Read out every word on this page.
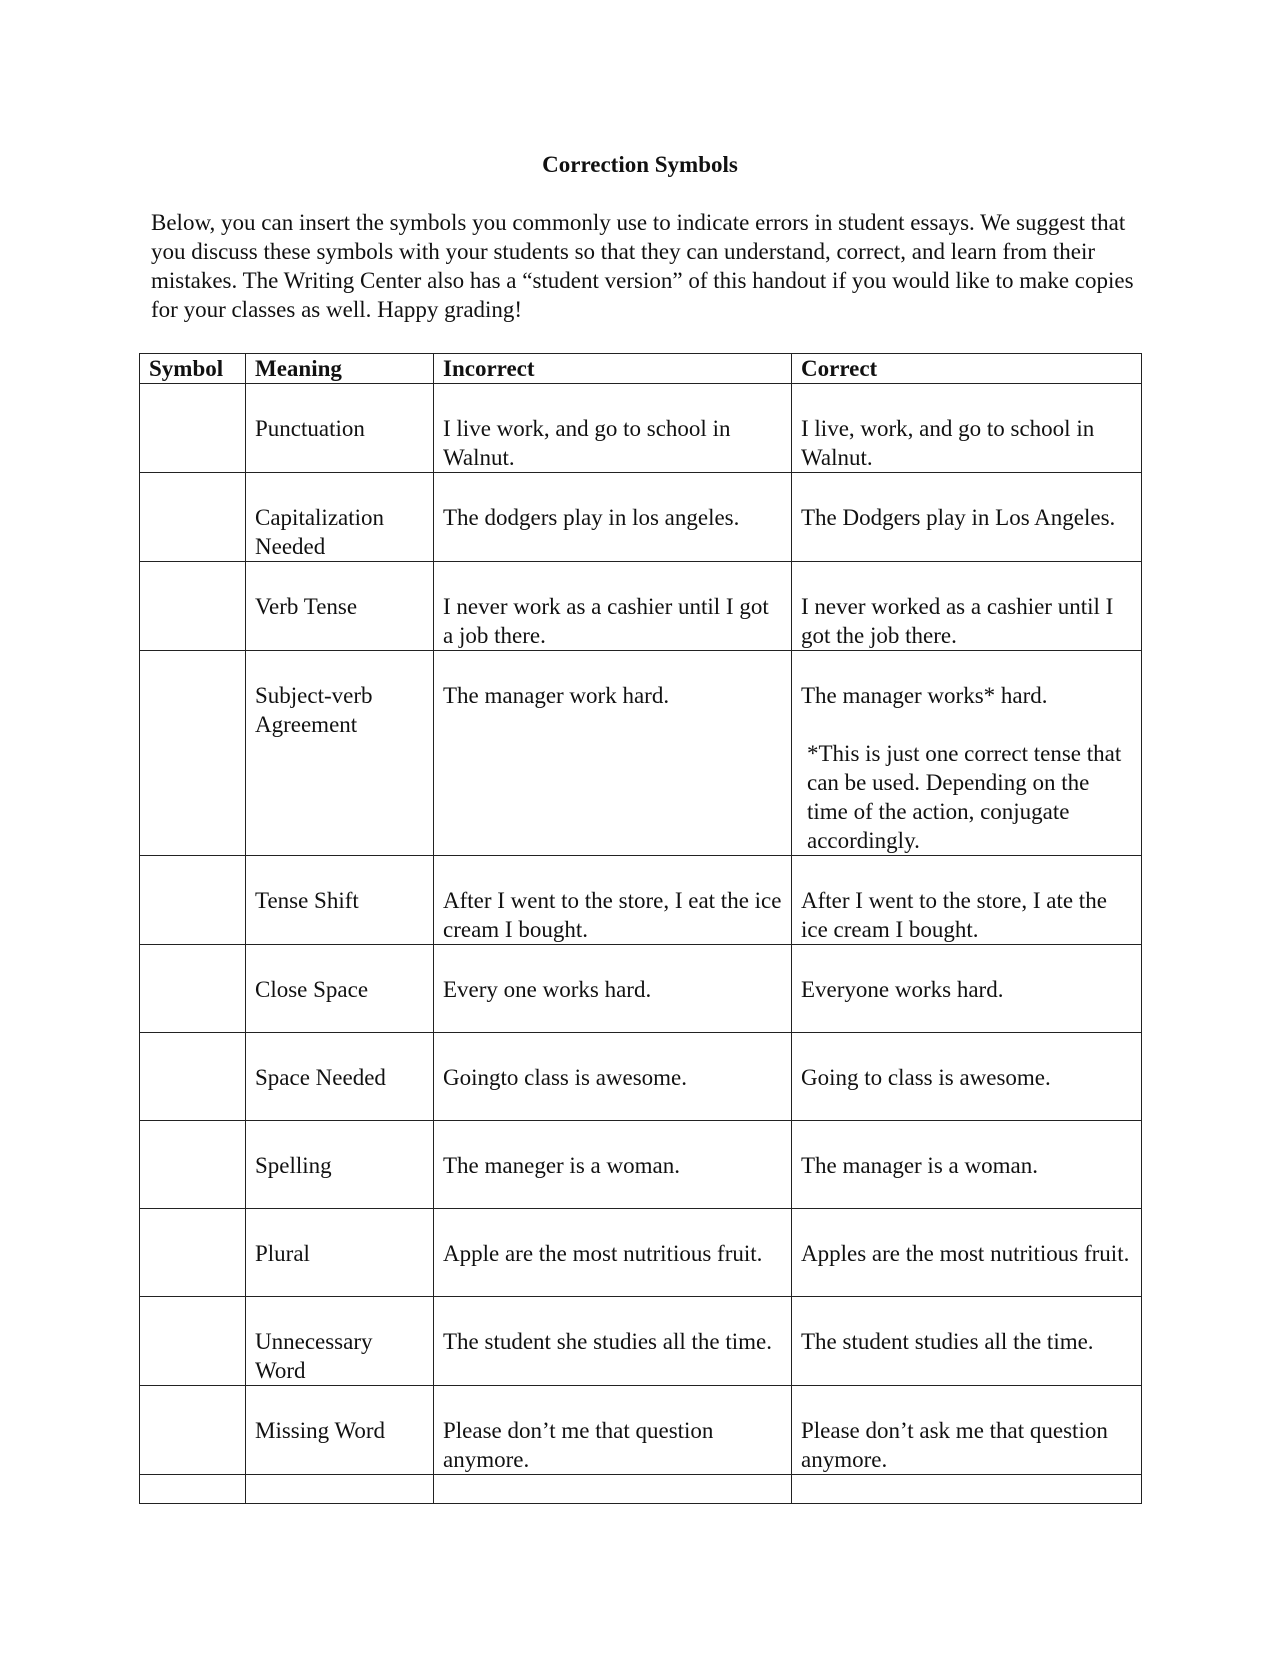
Correction Symbols

Below, you can insert the symbols you commonly use to indicate errors in student essays. We suggest that you discuss these symbols with your students so that they can understand, correct, and learn from their mistakes. The Writing Center also has a “student version” of this handout if you would like to make copies for your classes as well. Happy grading!

Symbol	Meaning	Incorrect	Correct
	Punctuation	I live work, and go to school in Walnut.	I live, work, and go to school in Walnut.
	Capitalization Needed	The dodgers play in los angeles.	The Dodgers play in Los Angeles.
	Verb Tense	I never work as a cashier until I got a job there.	I never worked as a cashier until I got the job there.
	Subject-verb Agreement	The manager work hard.	The manager works* hard.
*This is just one correct tense that can be used. Depending on the time of the action, conjugate accordingly.

	Tense Shift	After I went to the store, I eat the ice cream I bought.	After I went to the store, I ate the ice cream I bought.
	Close Space	Every one works hard.	Everyone works hard.
	Space Needed	Goingto class is awesome.	Going to class is awesome.
	Spelling	The maneger is a woman.	The manager is a woman.
	Plural	Apple are the most nutritious fruit.	Apples are the most nutritious fruit.
	Unnecessary Word	The student she studies all the time.	The student studies all the time.
	Missing Word	Please don’t me that question anymore.	Please don’t ask me that question anymore.
